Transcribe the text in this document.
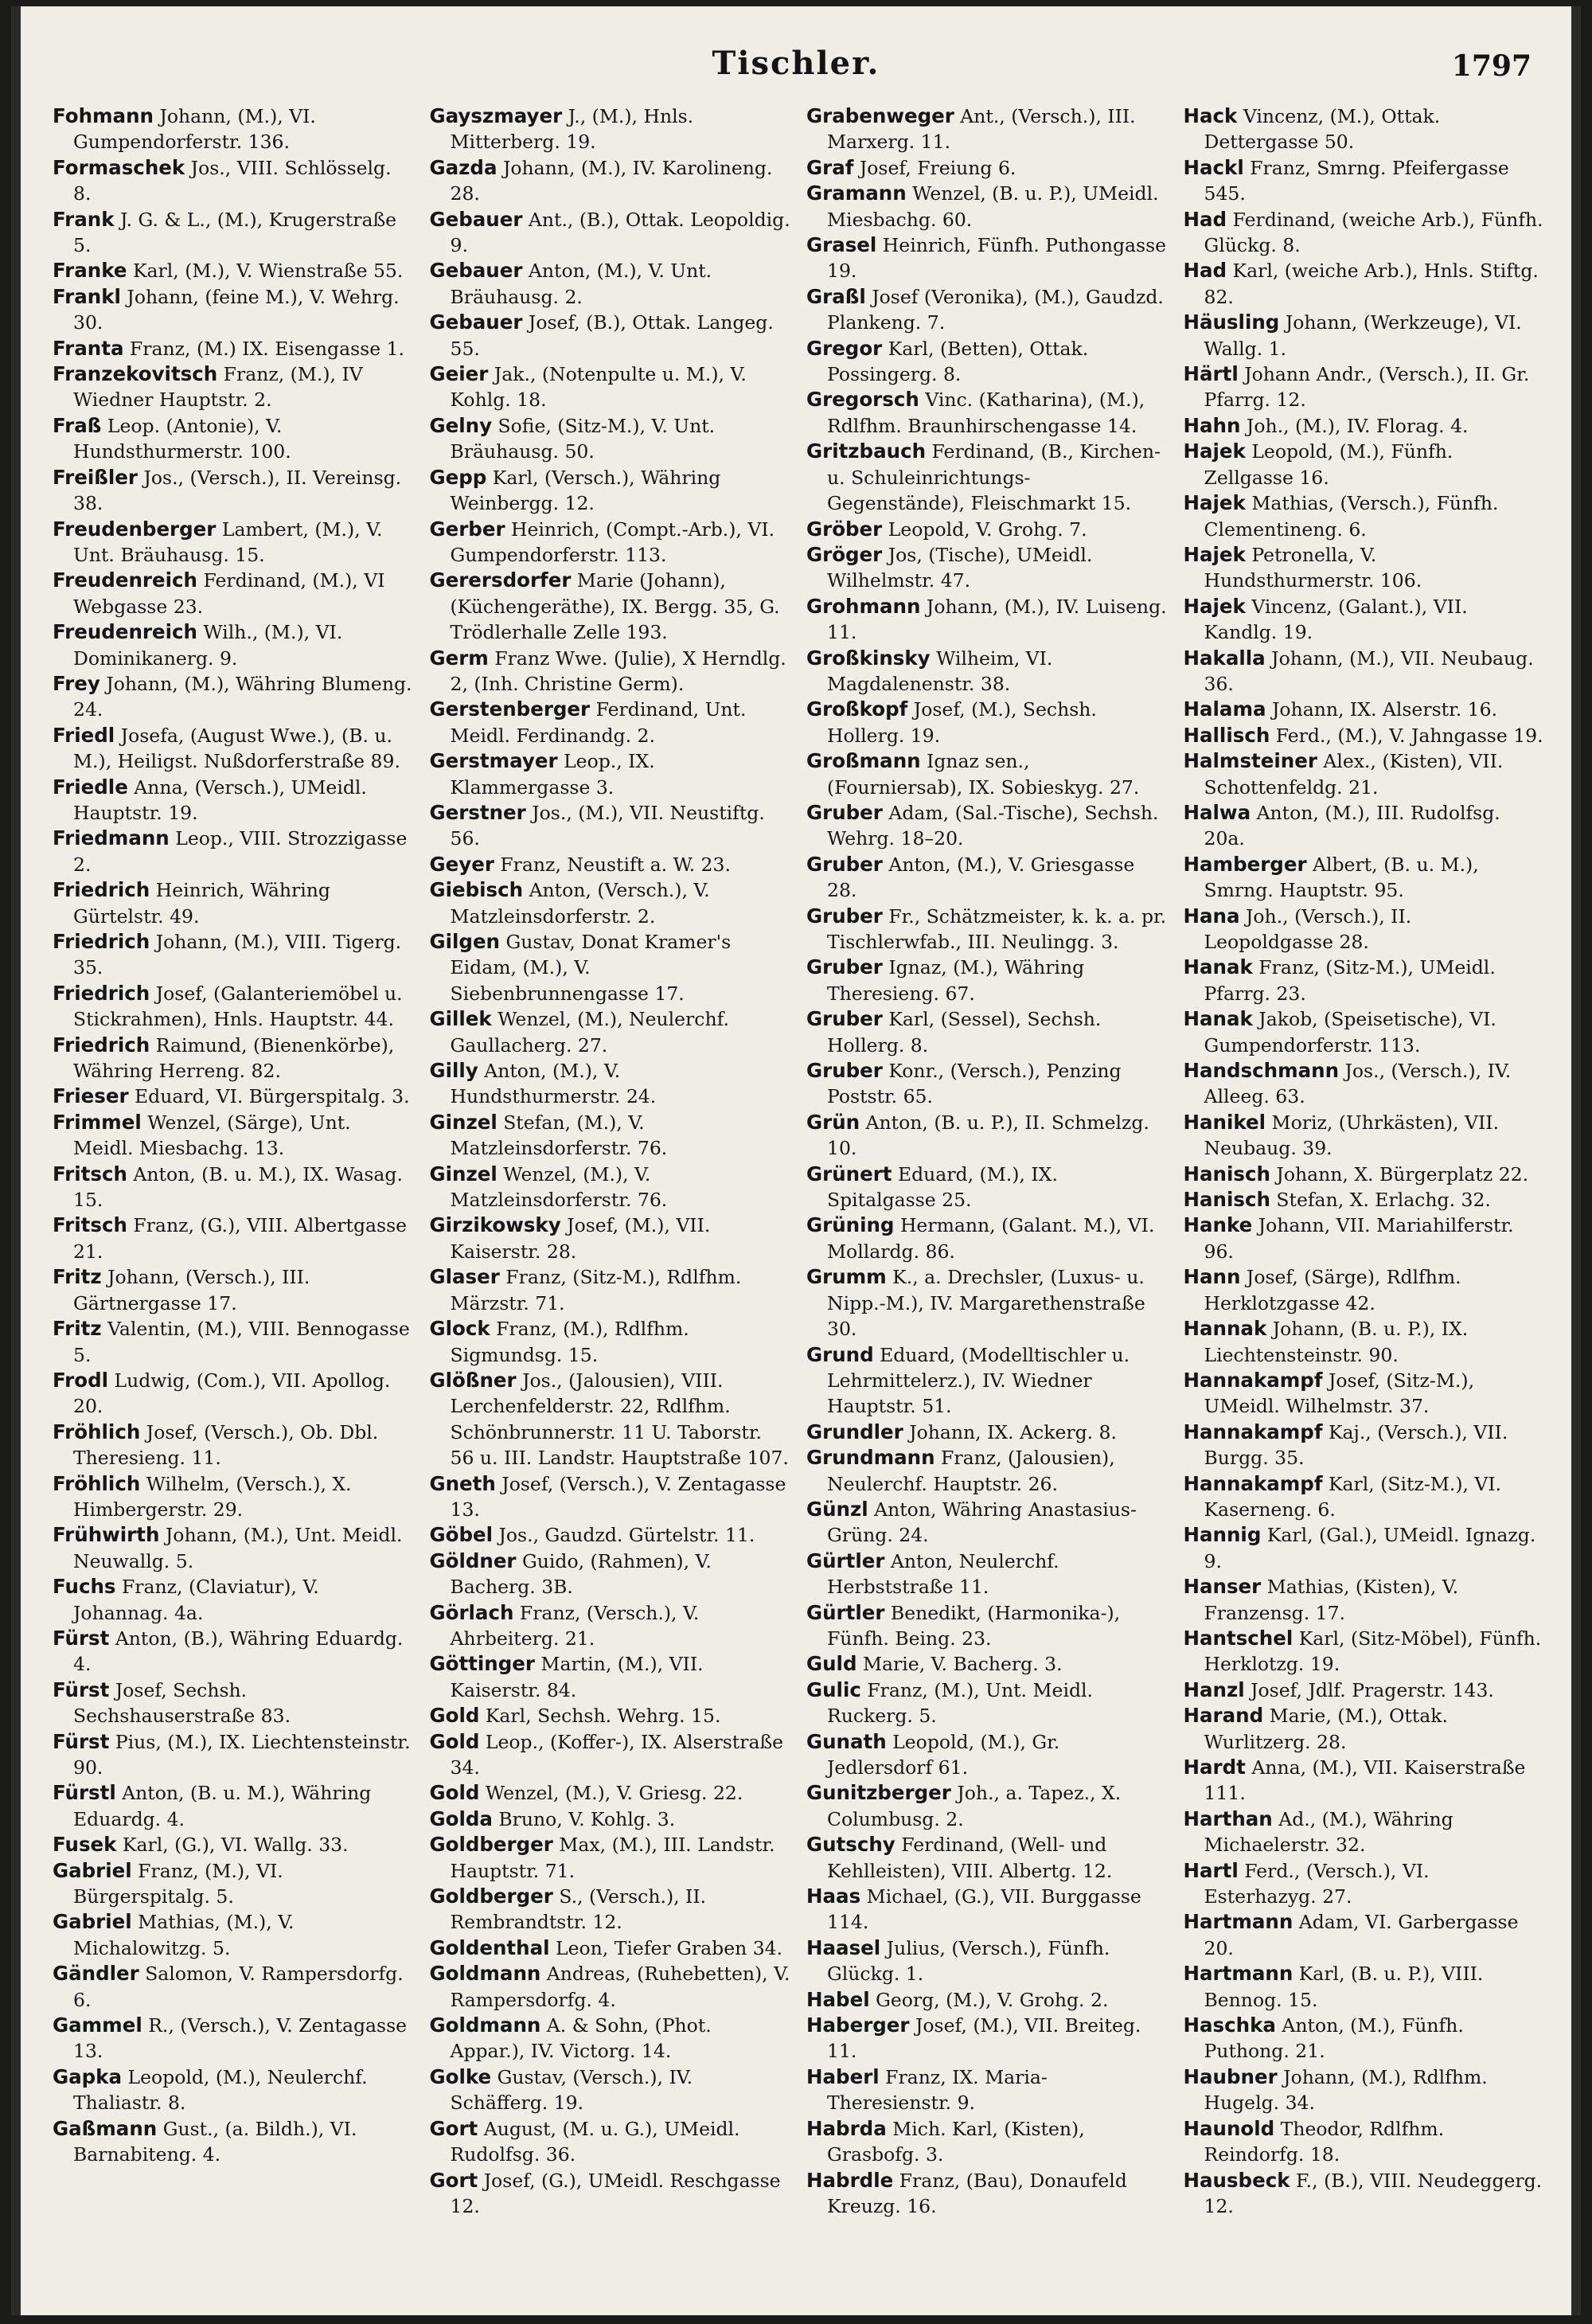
Tischler.	1797
Fohmann Johann, (M.), VI. Gumpendorferstr. 136.
Formaschek Jos., VIII. Schlösselg. 8.
Frank J. G. & L., (M.), Krugerstraße 5.
Franke Karl, (M.), V. Wienstraße 55.
Frankl Johann, (feine M.), V. Wehrg. 30.
Franta Franz, (M.) IX. Eisengasse 1.
Franzekovitsch Franz, (M.), IV Wiedner Hauptstr. 2.
Fraß Leop. (Antonie), V. Hundsthurmerstr. 100.
Freißler Jos., (Versch.), II. Vereinsg. 38.
Freudenberger Lambert, (M.), V. Unt. Bräuhausg. 15.
Freudenreich Ferdinand, (M.), VI Webgasse 23.
Freudenreich Wilh., (M.), VI. Dominikanerg. 9.
Frey Johann, (M.), Währing Blumeng. 24.
Friedl Josefa, (August Wwe.), (B. u. M.), Heiligst. Nußdorferstraße 89.
Friedle Anna, (Versch.), UMeidl. Hauptstr. 19.
Friedmann Leop., VIII. Strozzigasse 2.
Friedrich Heinrich, Währing Gürtelstr. 49.
Friedrich Johann, (M.), VIII. Tigerg. 35.
Friedrich Josef, (Galanteriemöbel u. Stickrahmen), Hnls. Hauptstr. 44.
Friedrich Raimund, (Bienenkörbe), Währing Herreng. 82.
Frieser Eduard, VI. Bürgerspitalg. 3.
Frimmel Wenzel, (Särge), Unt. Meidl. Miesbachg. 13.
Fritsch Anton, (B. u. M.), IX. Wasag. 15.
Fritsch Franz, (G.), VIII. Albertgasse 21.
Fritz Johann, (Versch.), III. Gärtnergasse 17.
Fritz Valentin, (M.), VIII. Bennogasse 5.
Frodl Ludwig, (Com.), VII. Apollog. 20.
Fröhlich Josef, (Versch.), Ob. Dbl. Theresieng. 11.
Fröhlich Wilhelm, (Versch.), X. Himbergerstr. 29.
Frühwirth Johann, (M.), Unt. Meidl. Neuwallg. 5.
Fuchs Franz, (Claviatur), V. Johannag. 4a.
Fürst Anton, (B.), Währing Eduardg. 4.
Fürst Josef, Sechsh. Sechshauserstraße 83.
Fürst Pius, (M.), IX. Liechtensteinstr. 90.
Fürstl Anton, (B. u. M.), Währing Eduardg. 4.
Fusek Karl, (G.), VI. Wallg. 33.
Gabriel Franz, (M.), VI. Bürgerspitalg. 5.
Gabriel Mathias, (M.), V. Michalowitzg. 5.
Gändler Salomon, V. Rampersdorfg. 6.
Gammel R., (Versch.), V. Zentagasse 13.
Gapka Leopold, (M.), Neulerchf. Thaliastr. 8.
Gaßmann Gust., (a. Bildh.), VI. Barnabiteng. 4.
Gayszmayer J., (M.), Hnls. Mitterberg. 19.
Gazda Johann, (M.), IV. Karolineng. 28.
Gebauer Ant., (B.), Ottak. Leopoldig. 9.
Gebauer Anton, (M.), V. Unt. Bräuhausg. 2.
Gebauer Josef, (B.), Ottak. Langeg. 55.
Geier Jak., (Notenpulte u. M.), V. Kohlg. 18.
Gelny Sofie, (Sitz-M.), V. Unt. Bräuhausg. 50.
Gepp Karl, (Versch.), Währing Weinbergg. 12.
Gerber Heinrich, (Compt.-Arb.), VI. Gumpendorferstr. 113.
Gerersdorfer Marie (Johann), (Küchengeräthe), IX. Bergg. 35, G. Trödlerhalle Zelle 193.
Germ Franz Wwe. (Julie), X Herndlg. 2, (Inh. Christine Germ).
Gerstenberger Ferdinand, Unt. Meidl. Ferdinandg. 2.
Gerstmayer Leop., IX. Klammergasse 3.
Gerstner Jos., (M.), VII. Neustiftg. 56.
Geyer Franz, Neustift a. W. 23.
Giebisch Anton, (Versch.), V. Matzleinsdorferstr. 2.
Gilgen Gustav, Donat Kramer's Eidam, (M.), V. Siebenbrunnengasse 17.
Gillek Wenzel, (M.), Neulerchf. Gaullacherg. 27.
Gilly Anton, (M.), V. Hundsthurmerstr. 24.
Ginzel Stefan, (M.), V. Matzleinsdorferstr. 76.
Ginzel Wenzel, (M.), V. Matzleinsdorferstr. 76.
Girzikowsky Josef, (M.), VII. Kaiserstr. 28.
Glaser Franz, (Sitz-M.), Rdlfhm. Märzstr. 71.
Glock Franz, (M.), Rdlfhm. Sigmundsg. 15.
Glößner Jos., (Jalousien), VIII. Lerchenfelderstr. 22, Rdlfhm. Schönbrunnerstr. 11 U. Taborstr. 56 u. III. Landstr. Hauptstraße 107.
Gneth Josef, (Versch.), V. Zentagasse 13.
Göbel Jos., Gaudzd. Gürtelstr. 11.
Göldner Guido, (Rahmen), V. Bacherg. 3B.
Görlach Franz, (Versch.), V. Ahrbeiterg. 21.
Göttinger Martin, (M.), VII. Kaiserstr. 84.
Gold Karl, Sechsh. Wehrg. 15.
Gold Leop., (Koffer-), IX. Alserstraße 34.
Gold Wenzel, (M.), V. Griesg. 22.
Golda Bruno, V. Kohlg. 3.
Goldberger Max, (M.), III. Landstr. Hauptstr. 71.
Goldberger S., (Versch.), II. Rembrandtstr. 12.
Goldenthal Leon, Tiefer Graben 34.
Goldmann Andreas, (Ruhebetten), V. Rampersdorfg. 4.
Goldmann A. & Sohn, (Phot. Appar.), IV. Victorg. 14.
Golke Gustav, (Versch.), IV. Schäfferg. 19.
Gort August, (M. u. G.), UMeidl. Rudolfsg. 36.
Gort Josef, (G.), UMeidl. Reschgasse 12.
Grabenweger Ant., (Versch.), III. Marxerg. 11.
Graf Josef, Freiung 6.
Gramann Wenzel, (B. u. P.), UMeidl. Miesbachg. 60.
Grasel Heinrich, Fünfh. Puthongasse 19.
Graßl Josef (Veronika), (M.), Gaudzd. Plankeng. 7.
Gregor Karl, (Betten), Ottak. Possingerg. 8.
Gregorsch Vinc. (Katharina), (M.), Rdlfhm. Braunhirschengasse 14.
Gritzbauch Ferdinand, (B., Kirchen- u. Schuleinrichtungs-Gegenstände), Fleischmarkt 15.
Gröber Leopold, V. Grohg. 7.
Gröger Jos, (Tische), UMeidl. Wilhelmstr. 47.
Grohmann Johann, (M.), IV. Luiseng. 11.
Großkinsky Wilheim, VI. Magdalenenstr. 38.
Großkopf Josef, (M.), Sechsh. Hollerg. 19.
Großmann Ignaz sen., (Fourniersab), IX. Sobieskyg. 27.
Gruber Adam, (Sal.-Tische), Sechsh. Wehrg. 18–20.
Gruber Anton, (M.), V. Griesgasse 28.
Gruber Fr., Schätzmeister, k. k. a. pr. Tischlerwfab., III. Neulingg. 3.
Gruber Ignaz, (M.), Währing Theresieng. 67.
Gruber Karl, (Sessel), Sechsh. Hollerg. 8.
Gruber Konr., (Versch.), Penzing Poststr. 65.
Grün Anton, (B. u. P.), II. Schmelzg. 10.
Grünert Eduard, (M.), IX. Spitalgasse 25.
Grüning Hermann, (Galant. M.), VI. Mollardg. 86.
Grumm K., a. Drechsler, (Luxus- u. Nipp.-M.), IV. Margarethenstraße 30.
Grund Eduard, (Modelltischler u. Lehrmittelerz.), IV. Wiedner Hauptstr. 51.
Grundler Johann, IX. Ackerg. 8.
Grundmann Franz, (Jalousien), Neulerchf. Hauptstr. 26.
Günzl Anton, Währing Anastasius-Grüng. 24.
Gürtler Anton, Neulerchf. Herbststraße 11.
Gürtler Benedikt, (Harmonika-), Fünfh. Being. 23.
Guld Marie, V. Bacherg. 3.
Gulic Franz, (M.), Unt. Meidl. Ruckerg. 5.
Gunath Leopold, (M.), Gr. Jedlersdorf 61.
Gunitzberger Joh., a. Tapez., X. Columbusg. 2.
Gutschy Ferdinand, (Well- und Kehlleisten), VIII. Albertg. 12.
Haas Michael, (G.), VII. Burggasse 114.
Haasel Julius, (Versch.), Fünfh. Glückg. 1.
Habel Georg, (M.), V. Grohg. 2.
Haberger Josef, (M.), VII. Breiteg. 11.
Haberl Franz, IX. Maria-Theresienstr. 9.
Habrda Mich. Karl, (Kisten), Grasbofg. 3.
Habrdle Franz, (Bau), Donaufeld Kreuzg. 16.
Hack Vincenz, (M.), Ottak. Dettergasse 50.
Hackl Franz, Smrng. Pfeifergasse 545.
Had Ferdinand, (weiche Arb.), Fünfh. Glückg. 8.
Had Karl, (weiche Arb.), Hnls. Stiftg. 82.
Häusling Johann, (Werkzeuge), VI. Wallg. 1.
Härtl Johann Andr., (Versch.), II. Gr. Pfarrg. 12.
Hahn Joh., (M.), IV. Florag. 4.
Hajek Leopold, (M.), Fünfh. Zellgasse 16.
Hajek Mathias, (Versch.), Fünfh. Clementineng. 6.
Hajek Petronella, V. Hundsthurmerstr. 106.
Hajek Vincenz, (Galant.), VII. Kandlg. 19.
Hakalla Johann, (M.), VII. Neubaug. 36.
Halama Johann, IX. Alserstr. 16.
Hallisch Ferd., (M.), V. Jahngasse 19.
Halmsteiner Alex., (Kisten), VII. Schottenfeldg. 21.
Halwa Anton, (M.), III. Rudolfsg. 20a.
Hamberger Albert, (B. u. M.), Smrng. Hauptstr. 95.
Hana Joh., (Versch.), II. Leopoldgasse 28.
Hanak Franz, (Sitz-M.), UMeidl. Pfarrg. 23.
Hanak Jakob, (Speisetische), VI. Gumpendorferstr. 113.
Handschmann Jos., (Versch.), IV. Alleeg. 63.
Hanikel Moriz, (Uhrkästen), VII. Neubaug. 39.
Hanisch Johann, X. Bürgerplatz 22.
Hanisch Stefan, X. Erlachg. 32.
Hanke Johann, VII. Mariahilferstr. 96.
Hann Josef, (Särge), Rdlfhm. Herklotzgasse 42.
Hannak Johann, (B. u. P.), IX. Liechtensteinstr. 90.
Hannakampf Josef, (Sitz-M.), UMeidl. Wilhelmstr. 37.
Hannakampf Kaj., (Versch.), VII. Burgg. 35.
Hannakampf Karl, (Sitz-M.), VI. Kaserneng. 6.
Hannig Karl, (Gal.), UMeidl. Ignazg. 9.
Hanser Mathias, (Kisten), V. Franzensg. 17.
Hantschel Karl, (Sitz-Möbel), Fünfh. Herklotzg. 19.
Hanzl Josef, Jdlf. Pragerstr. 143.
Harand Marie, (M.), Ottak. Wurlitzerg. 28.
Hardt Anna, (M.), VII. Kaiserstraße 111.
Harthan Ad., (M.), Währing Michaelerstr. 32.
Hartl Ferd., (Versch.), VI. Esterhazyg. 27.
Hartmann Adam, VI. Garbergasse 20.
Hartmann Karl, (B. u. P.), VIII. Bennog. 15.
Haschka Anton, (M.), Fünfh. Puthong. 21.
Haubner Johann, (M.), Rdlfhm. Hugelg. 34.
Haunold Theodor, Rdlfhm. Reindorfg. 18.
Hausbeck F., (B.), VIII. Neudeggerg. 12.
